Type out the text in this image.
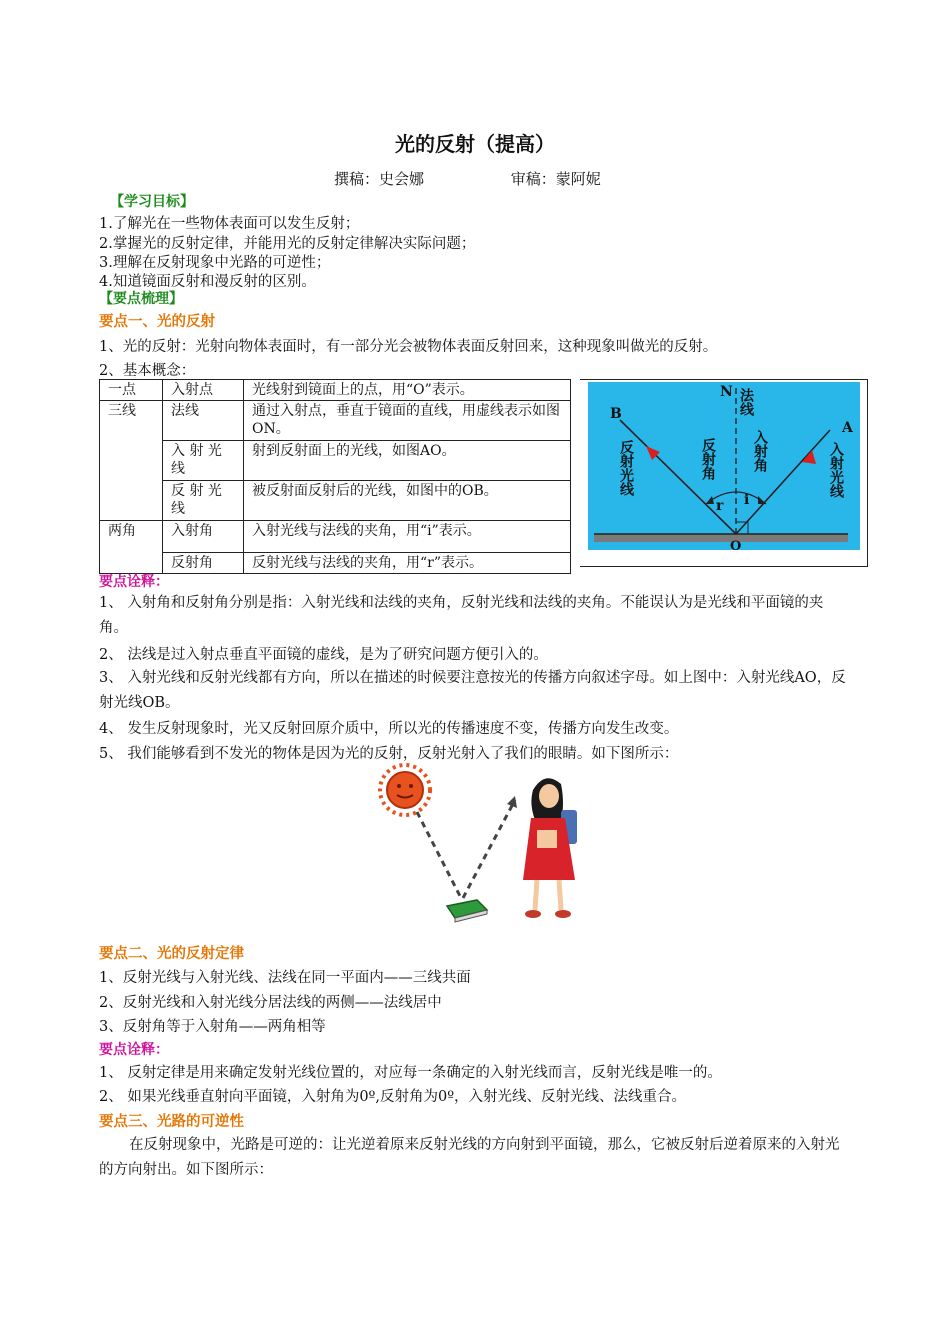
光的反射（提高）
撰稿：史会娜	审稿：蒙阿妮
【学习目标】
1.了解光在一些物体表面可以发生反射；
2.掌握光的反射定律，并能用光的反射定律解决实际问题；
3.理解在反射现象中光路的可逆性；
4.知道镜面反射和漫反射的区别。
【要点梳理】
要点一、光的反射
1、光的反射：光射向物体表面时，有一部分光会被物体表面反射回来，这种现象叫做光的反射。
2、基本概念：
一点	入射点	光线射到镜面上的点，用“O”表示。
三线	法线	通过入射点，垂直于镜面的直线，用虚线表示如图ON。
	入 射 光 线	射到反射面上的光线，如图AO。
	反 射 光 线	被反射面反射后的光线，如图中的OB。
两角	入射角	入射光线与法线的夹角，用“i”表示。
	反射角	反射光线与法线的夹角，用“r”表示。
N
B
A
O
i
r
法线
反射光线	入射光线
反射角	入射角
要点诠释：
1、 入射角和反射角分别是指：入射光线和法线的夹角，反射光线和法线的夹角。不能误认为是光线和平面镜的夹角。
2、 法线是过入射点垂直平面镜的虚线，是为了研究问题方便引入的。
3、 入射光线和反射光线都有方向，所以在描述的时候要注意按光的传播方向叙述字母。如上图中：入射光线AO，反射光线OB。
4、 发生反射现象时，光又反射回原介质中，所以光的传播速度不变，传播方向发生改变。
5、 我们能够看到不发光的物体是因为光的反射，反射光射入了我们的眼睛。如下图所示：
要点二、光的反射定律
1、反射光线与入射光线、法线在同一平面内——三线共面
2、反射光线和入射光线分居法线的两侧——法线居中
3、反射角等于入射角——两角相等
要点诠释：
1、 反射定律是用来确定发射光线位置的，对应每一条确定的入射光线而言，反射光线是唯一的。
2、 如果光线垂直射向平面镜，入射角为0º,反射角为0º，入射光线、反射光线、法线重合。
要点三、光路的可逆性
在反射现象中，光路是可逆的：让光逆着原来反射光线的方向射到平面镜，那么，它被反射后逆着原来的入射光的方向射出。如下图所示：
